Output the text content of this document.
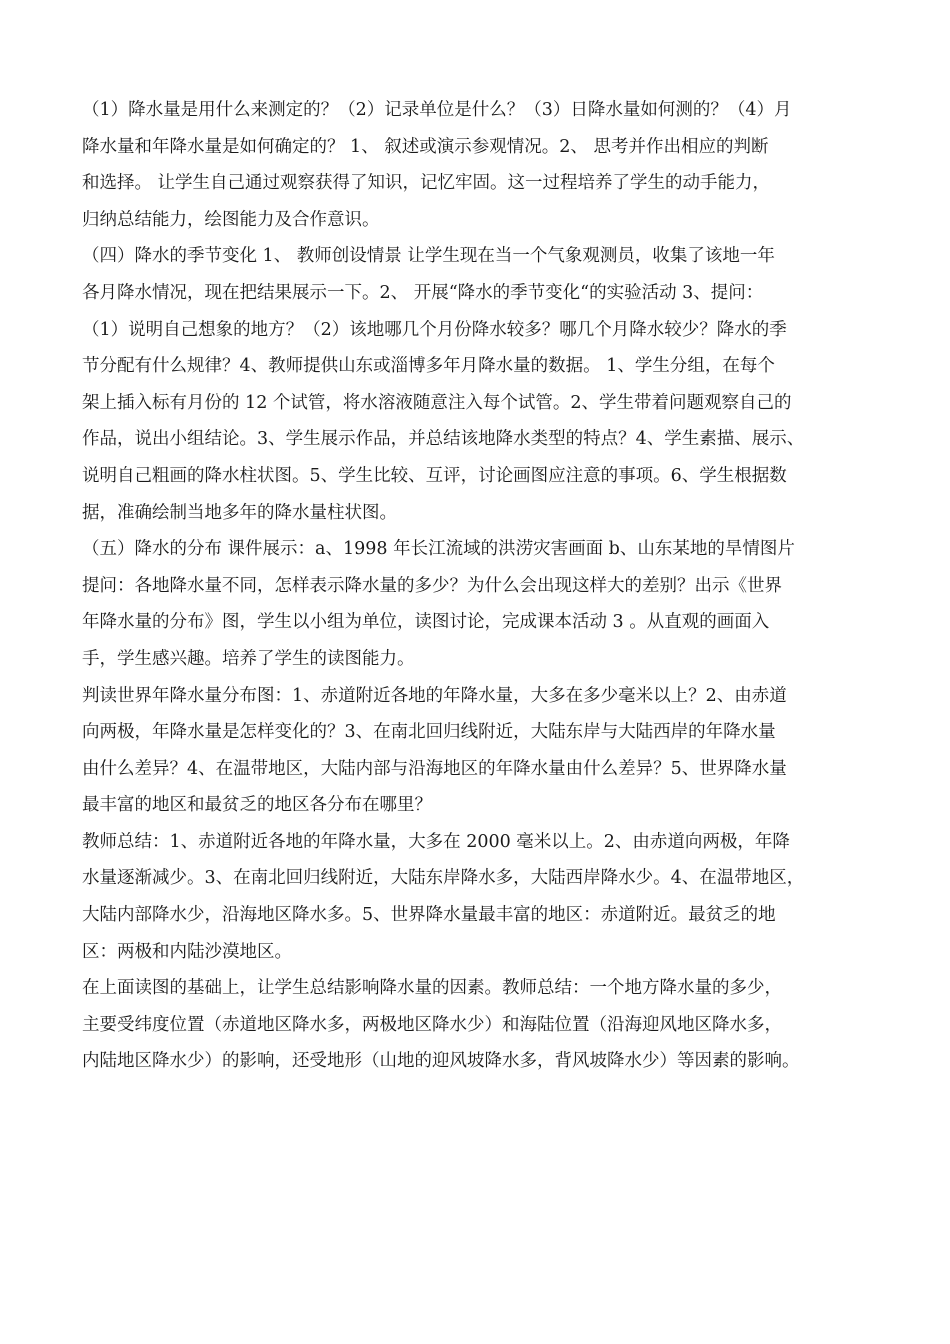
（1）降水量是用什么来测定的？（2）记录单位是什么？（3）日降水量如何测的？（4）月
降水量和年降水量是如何确定的？ 1、 叙述或演示参观情况。2、 思考并作出相应的判断
和选择。 让学生自己通过观察获得了知识，记忆牢固。这一过程培养了学生的动手能力，
归纳总结能力，绘图能力及合作意识。
（四）降水的季节变化 1、 教师创设情景 让学生现在当一个气象观测员，收集了该地一年
各月降水情况，现在把结果展示一下。2、 开展“降水的季节变化“的实验活动 3、提问：
（1）说明自己想象的地方？（2）该地哪几个月份降水较多？哪几个月降水较少？降水的季
节分配有什么规律？4、教师提供山东或淄博多年月降水量的数据。 1、学生分组，在每个
架上插入标有月份的 12 个试管，将水溶液随意注入每个试管。2、学生带着问题观察自己的
作品，说出小组结论。3、学生展示作品，并总结该地降水类型的特点？4、学生素描、展示、
说明自己粗画的降水柱状图。5、学生比较、互评，讨论画图应注意的事项。6、学生根据数
据，准确绘制当地多年的降水量柱状图。
（五）降水的分布 课件展示：a、1998 年长江流域的洪涝灾害画面 b、山东某地的旱情图片
提问：各地降水量不同，怎样表示降水量的多少？为什么会出现这样大的差别？出示《世界
年降水量的分布》图，学生以小组为单位，读图讨论，完成课本活动 3 。从直观的画面入
手，学生感兴趣。培养了学生的读图能力。
判读世界年降水量分布图：1、赤道附近各地的年降水量，大多在多少毫米以上？2、由赤道
向两极，年降水量是怎样变化的？3、在南北回归线附近，大陆东岸与大陆西岸的年降水量
由什么差异？4、在温带地区，大陆内部与沿海地区的年降水量由什么差异？5、世界降水量
最丰富的地区和最贫乏的地区各分布在哪里？
教师总结：1、赤道附近各地的年降水量，大多在 2000 毫米以上。2、由赤道向两极，年降
水量逐渐减少。3、在南北回归线附近，大陆东岸降水多，大陆西岸降水少。4、在温带地区，
大陆内部降水少，沿海地区降水多。5、世界降水量最丰富的地区：赤道附近。最贫乏的地
区：两极和内陆沙漠地区。
在上面读图的基础上，让学生总结影响降水量的因素。教师总结：一个地方降水量的多少，
主要受纬度位置（赤道地区降水多，两极地区降水少）和海陆位置（沿海迎风地区降水多，
内陆地区降水少）的影响，还受地形（山地的迎风坡降水多，背风坡降水少）等因素的影响。
